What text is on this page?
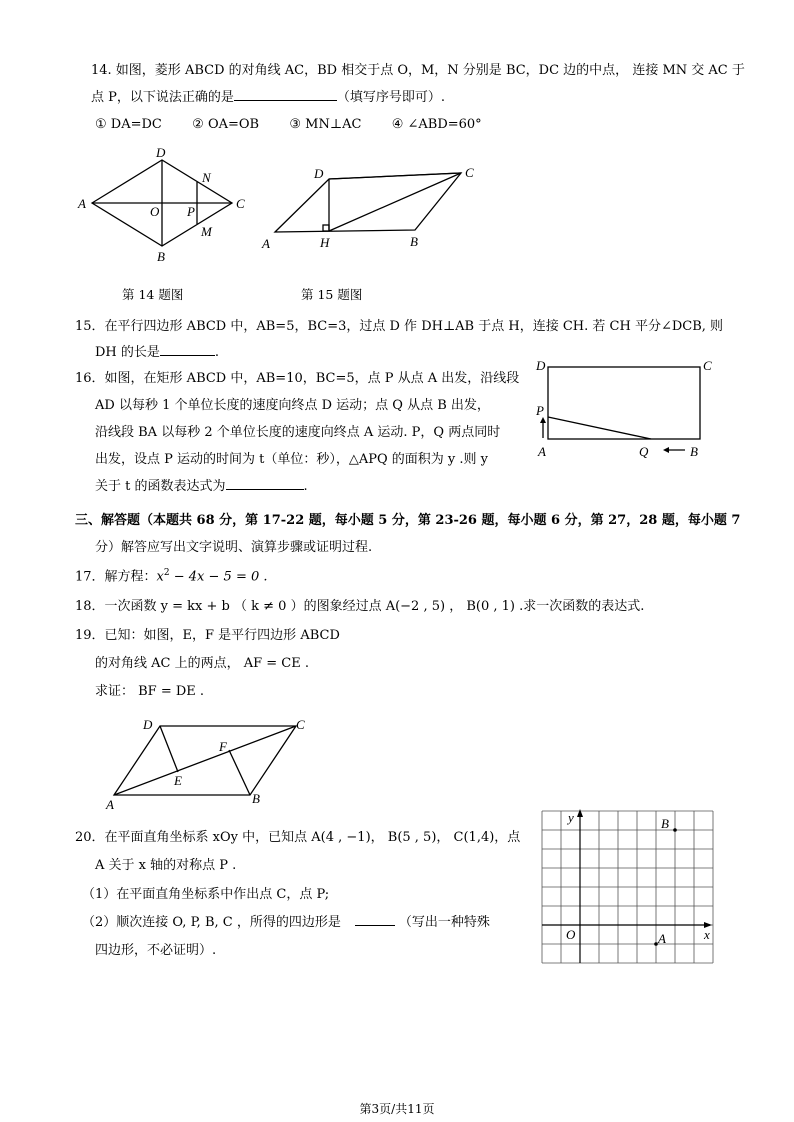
14. 如图，菱形 ABCD 的对角线 AC，BD 相交于点 O，M，N 分别是 BC，DC 边的中点， 连接 MN 交 AC 于
点 P，以下说法正确的是	（填写序号即可）.
① DA=DC ② OA=OB ③ MN⊥AC ④ ∠ABD=60°
A
D
C
B
O P
N
M
A
D	C
B
H
第 14 题图	第 15 题图
15．在平行四边形 ABCD 中，AB=5，BC=3，过点 D 作 DH⊥AB 于点 H，连接 CH. 若 CH 平分∠DCB, 则
DH 的长是	.
16．如图，在矩形 ABCD 中，AB=10，BC=5，点 P 从点 A 出发，沿线段
AD 以每秒 1 个单位长度的速度向终点 D 运动；点 Q 从点 B 出发，
沿线段 BA 以每秒 2 个单位长度的速度向终点 A 运动. P，Q 两点同时
出发，设点 P 运动的时间为 t（单位：秒），△APQ 的面积为 y .则 y
关于 t 的函数表达式为	.
D	C
P
A	Q	B
三、解答题（本题共 68 分，第 17-22 题，每小题 5 分，第 23-26 题，每小题 6 分，第 27，28 题，每小题 7
分）解答应写出文字说明、演算步骤或证明过程.
17．解方程：$x^2 - 4x - 5 = 0$ .
18．一次函数 y = kx + b （ k ≠ 0 ）的图象经过点 A(−2 , 5) ， B(0 , 1) .求一次函数的表达式.
19．已知：如图，E，F 是平行四边形 ABCD
的对角线 AC 上的两点， AF = CE .
求证： BF = DE .
D	C
A	B
E
F
20．在平面直角坐标系 xOy 中，已知点 A(4 , −1)， B(5 , 5)， C(1,4)，点
A 关于 x 轴的对称点 P .
（1）在平面直角坐标系中作出点 C，点 P;
（2）顺次连接 O, P, B, C ，所得的四边形是	（写出一种特殊
四边形，不必证明）.
y
x
O	A
B
第3页/共11页
